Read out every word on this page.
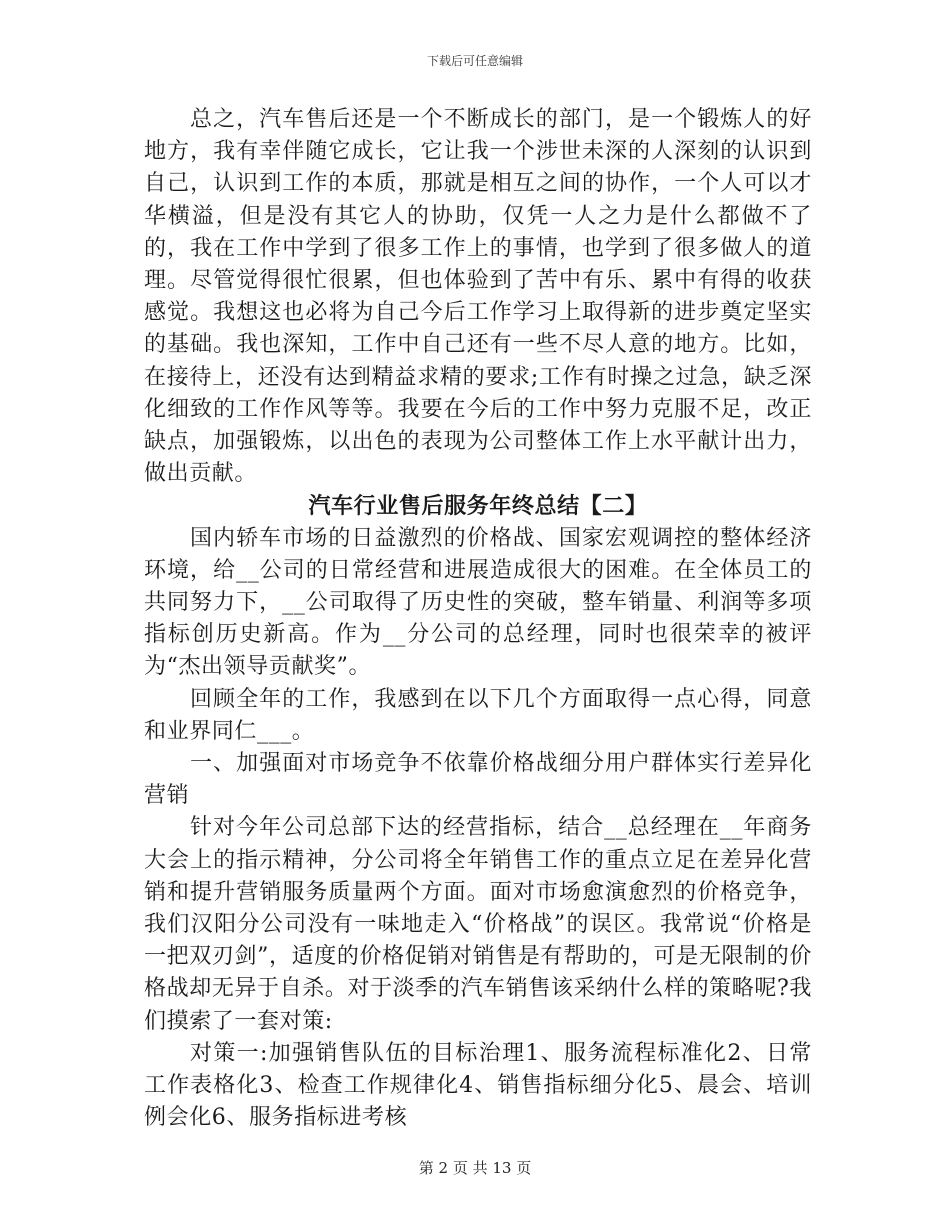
下载后可任意编辑

总之，汽车售后还是一个不断成长的部门，是一个锻炼人的好地方，我有幸伴随它成长，它让我一个涉世未深的人深刻的认识到自己，认识到工作的本质，那就是相互之间的协作，一个人可以才华横溢，但是没有其它人的协助，仅凭一人之力是什么都做不了的，我在工作中学到了很多工作上的事情，也学到了很多做人的道理。尽管觉得很忙很累，但也体验到了苦中有乐、累中有得的收获感觉。我想这也必将为自己今后工作学习上取得新的进步奠定坚实的基础。我也深知，工作中自己还有一些不尽人意的地方。比如，在接待上，还没有达到精益求精的要求;工作有时操之过急，缺乏深化细致的工作作风等等。我要在今后的工作中努力克服不足，改正缺点，加强锻炼，以出色的表现为公司整体工作上水平献计出力，做出贡献。

汽车行业售后服务年终总结【二】

国内轿车市场的日益激烈的价格战、国家宏观调控的整体经济环境，给__公司的日常经营和进展造成很大的困难。在全体员工的共同努力下，__公司取得了历史性的突破，整车销量、利润等多项指标创历史新高。作为__分公司的总经理，同时也很荣幸的被评为“杰出领导贡献奖”。

回顾全年的工作，我感到在以下几个方面取得一点心得，同意和业界同仁___。

一、加强面对市场竞争不依靠价格战细分用户群体实行差异化营销

针对今年公司总部下达的经营指标，结合__总经理在__年商务大会上的指示精神，分公司将全年销售工作的重点立足在差异化营销和提升营销服务质量两个方面。面对市场愈演愈烈的价格竞争，我们汉阳分公司没有一味地走入“价格战”的误区。我常说“价格是一把双刃剑”，适度的价格促销对销售是有帮助的，可是无限制的价格战却无异于自杀。对于淡季的汽车销售该采纳什么样的策略呢?我们摸索了一套对策:

对策一:加强销售队伍的目标治理1、服务流程标准化2、日常工作表格化3、检查工作规律化4、销售指标细分化5、晨会、培训例会化6、服务指标进考核

第 2 页 共 13 页
